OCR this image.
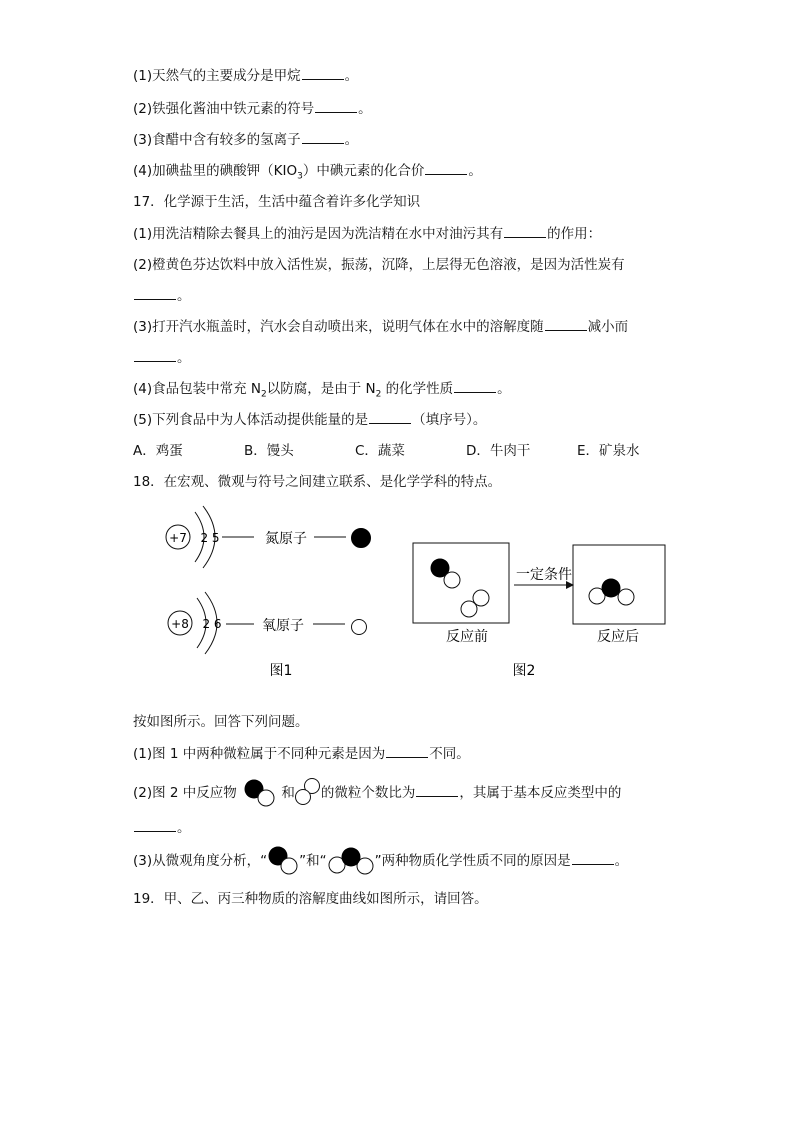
(1)天然气的主要成分是甲烷	。
(2)铁强化酱油中铁元素的符号	。
(3)食醋中含有较多的氢离子	。
(4)加碘盐里的碘酸钾$(KIO_3)$中碘元素的化合价	。
17．化学源于生活，生活中蕴含着许多化学知识
(1)用洗洁精除去餐具上的油污是因为洗洁精在水中对油污其有	的作用：
(2)橙黄色芬达饮料中放入活性炭，振荡，沉降，上层得无色溶液，是因为活性炭有
。
(3)打开汽水瓶盖时，汽水会自动喷出来，说明气体在水中的溶解度随	减小而
。
(4)食品包装中常充 $N_2$以防腐，是由于 $N_2$ 的化学性质	。
(5)下列食品中为人体活动提供能量的是	（填序号）。
A．鸡蛋	B．馒头	C．蔬菜	D．牛肉干	E．矿泉水
18．在宏观、微观与符号之间建立联系、是化学学科的特点。
+7 2 5	氮原子
+8 2 6	氧原子
图1
反应前
一定条件
反应后
图2
按如图所示。回答下列问题。
(1)图 1 中两种微粒属于不同种元素是因为	不同。
(2)图 2 中反应物	和 的微粒个数比为	，其属于基本反应类型中的
。
(3)从微观角度分析，“ ”和“	”两种物质化学性质不同的原因是	。
19．甲、乙、丙三种物质的溶解度曲线如图所示，请回答。
